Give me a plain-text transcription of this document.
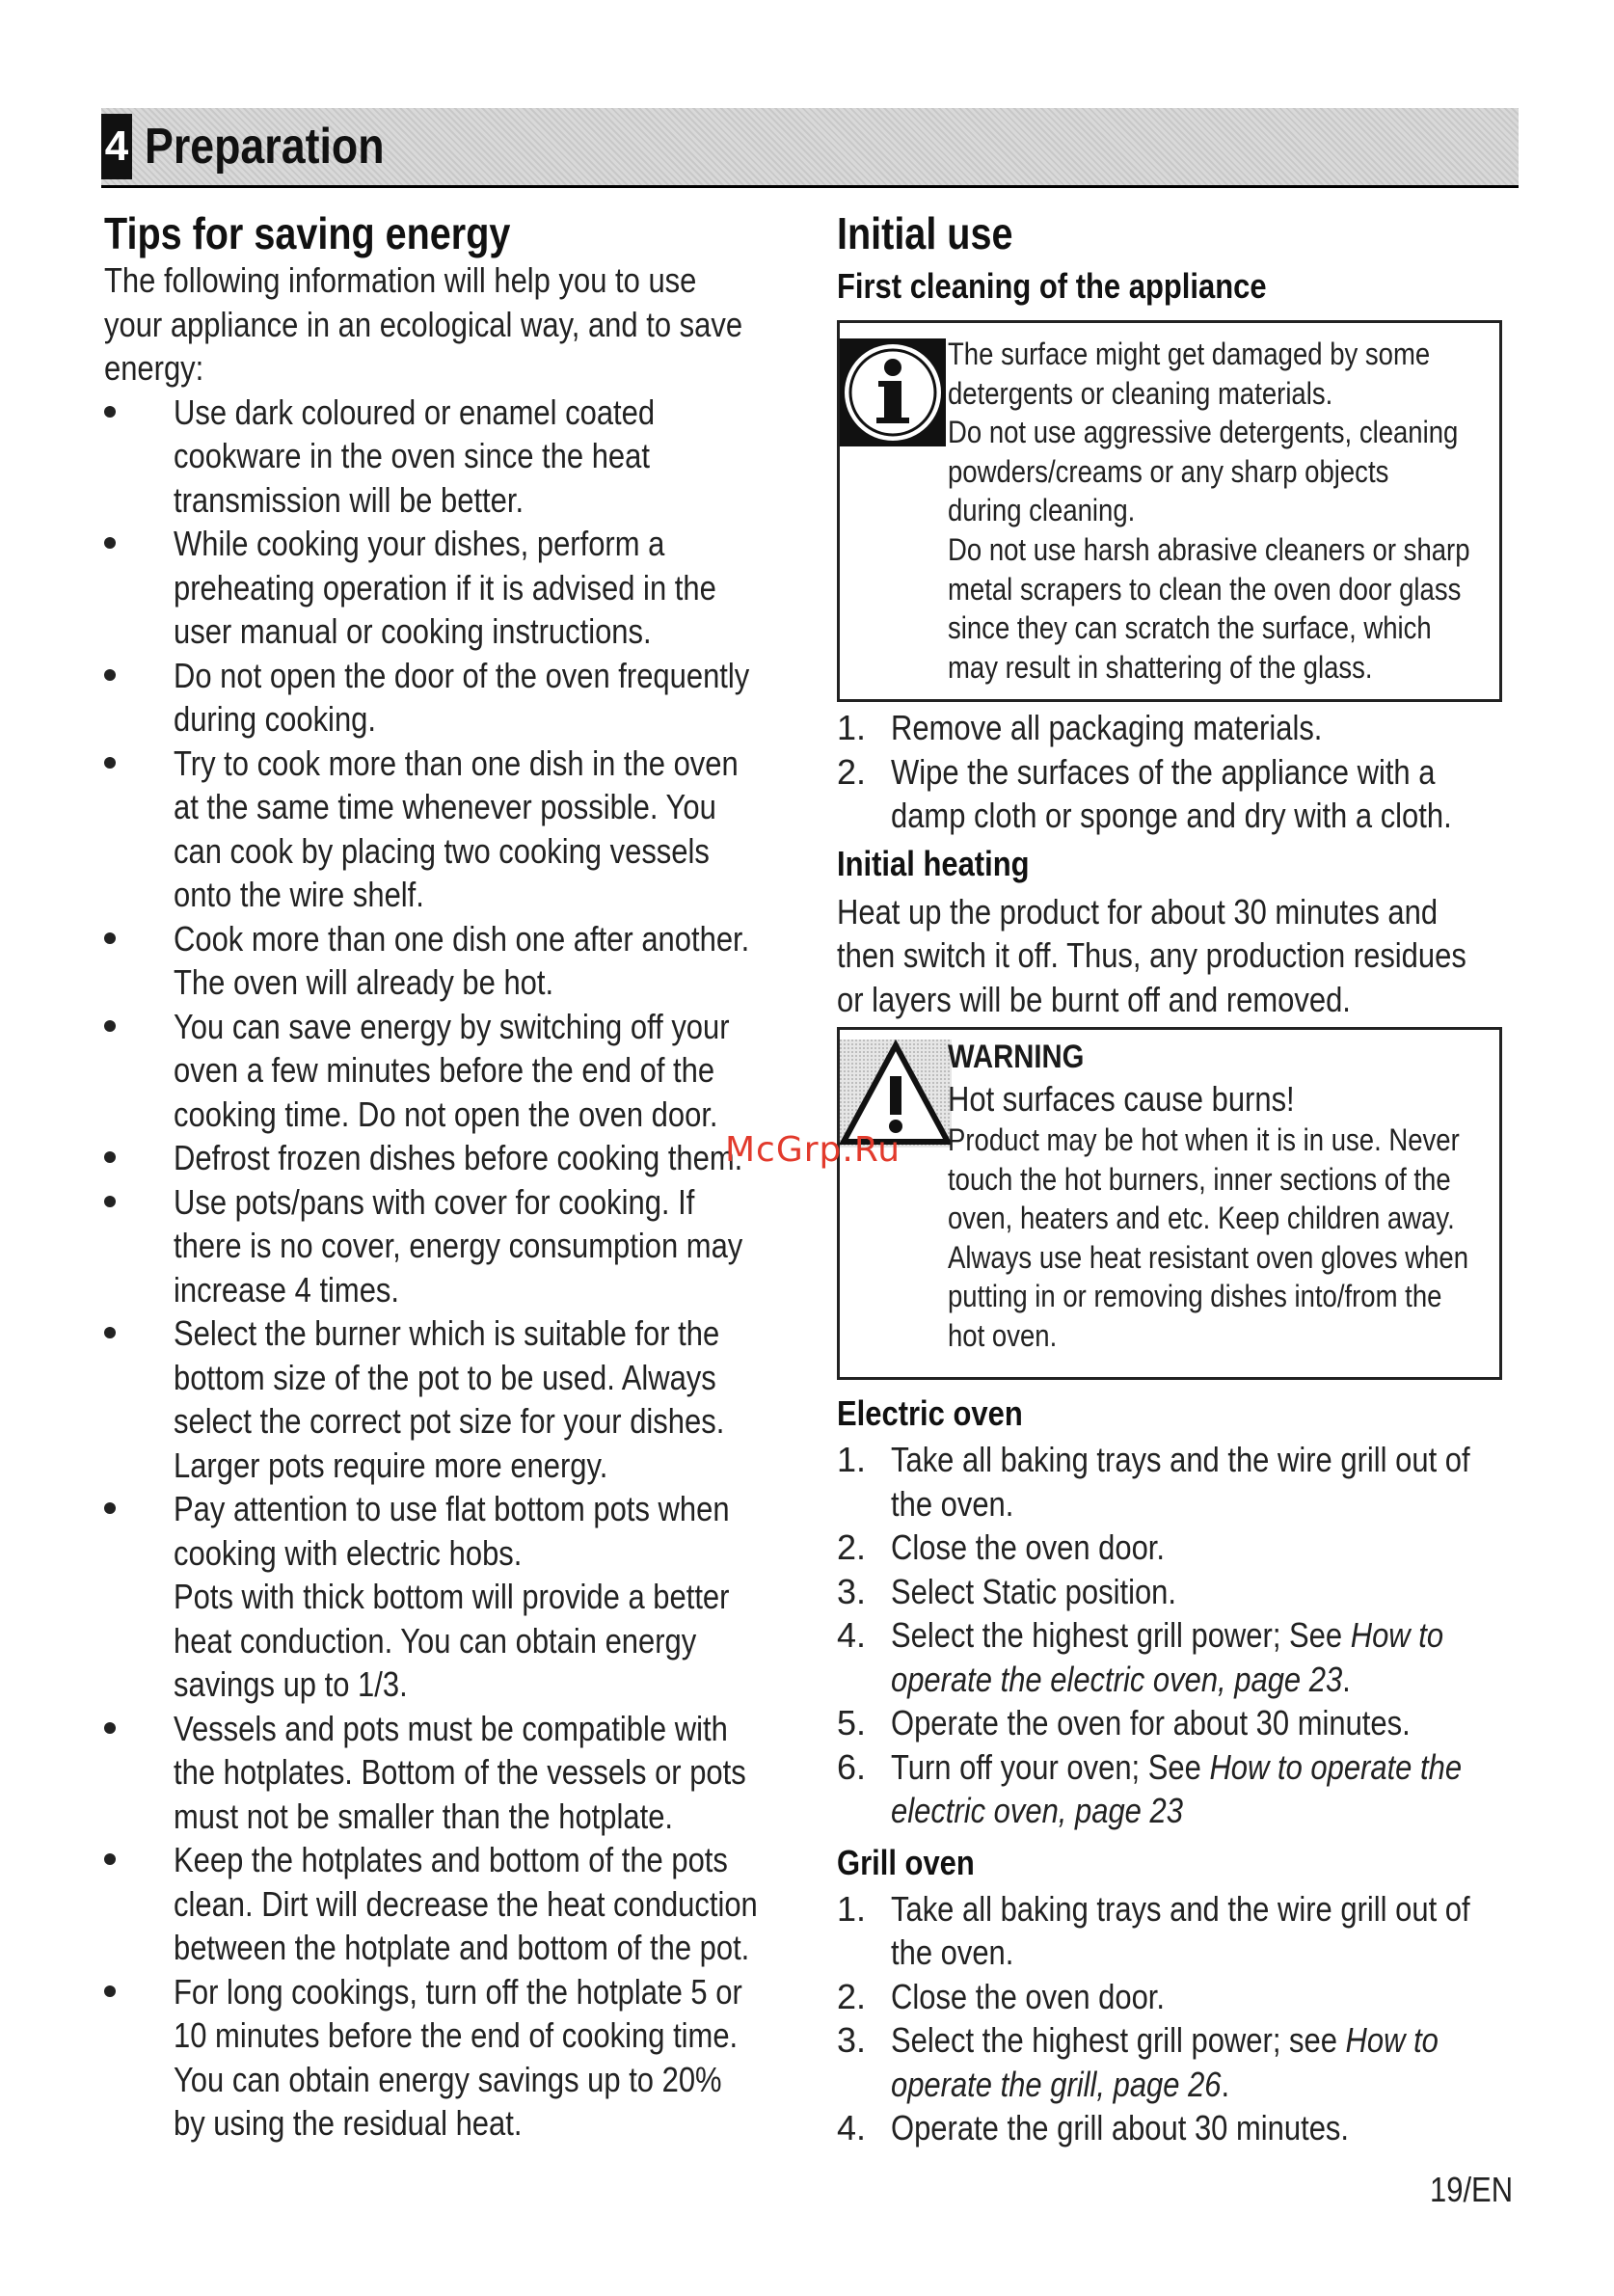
4 Preparation
Tips for saving energy
The following information will help you to use
your appliance in an ecological way, and to save
energy:
Use dark coloured or enamel coated
cookware in the oven since the heat
transmission will be better.
While cooking your dishes, perform a
preheating operation if it is advised in the
user manual or cooking instructions.
Do not open the door of the oven frequently
during cooking.
Try to cook more than one dish in the oven
at the same time whenever possible. You
can cook by placing two cooking vessels
onto the wire shelf.
Cook more than one dish one after another.
The oven will already be hot.
You can save energy by switching off your
oven a few minutes before the end of the
cooking time. Do not open the oven door.
Defrost frozen dishes before cooking them.
Use pots/pans with cover for cooking. If
there is no cover, energy consumption may
increase 4 times.
Select the burner which is suitable for the
bottom size of the pot to be used. Always
select the correct pot size for your dishes.
Larger pots require more energy.
Pay attention to use flat bottom pots when
cooking with electric hobs.
Pots with thick bottom will provide a better
heat conduction. You can obtain energy
savings up to 1/3.
Vessels and pots must be compatible with
the hotplates. Bottom of the vessels or pots
must not be smaller than the hotplate.
Keep the hotplates and bottom of the pots
clean. Dirt will decrease the heat conduction
between the hotplate and bottom of the pot.
For long cookings, turn off the hotplate 5 or
10 minutes before the end of cooking time.
You can obtain energy savings up to 20%
by using the residual heat.
Initial use
First cleaning of the appliance
The surface might get damaged by some
detergents or cleaning materials.
Do not use aggressive detergents, cleaning
powders/creams or any sharp objects
during cleaning.
Do not use harsh abrasive cleaners or sharp
metal scrapers to clean the oven door glass
since they can scratch the surface, which
may result in shattering of the glass.
1. Remove all packaging materials.
2. Wipe the surfaces of the appliance with a
damp cloth or sponge and dry with a cloth.
Initial heating
Heat up the product for about 30 minutes and
then switch it off. Thus, any production residues
or layers will be burnt off and removed.
WARNING
Hot surfaces cause burns!
Product may be hot when it is in use. Never
touch the hot burners, inner sections of the
oven, heaters and etc. Keep children away.
Always use heat resistant oven gloves when
putting in or removing dishes into/from the
hot oven.
Electric oven
1. Take all baking trays and the wire grill out of
the oven.
2. Close the oven door.
3. Select Static position.
4. Select the highest grill power; See How to
operate the electric oven, page 23.
5. Operate the oven for about 30 minutes.
6. Turn off your oven; See How to operate the
electric oven, page 23
Grill oven
1. Take all baking trays and the wire grill out of
the oven.
2. Close the oven door.
3. Select the highest grill power; see How to
operate the grill, page 26.
4. Operate the grill about 30 minutes.
McGrp.Ru
19/EN
